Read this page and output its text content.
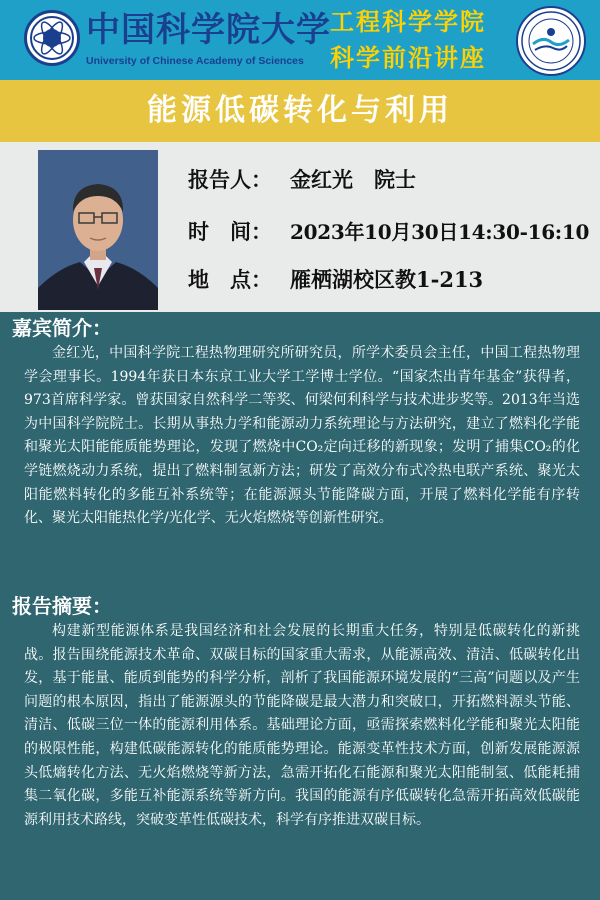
中国科学院大学
University of Chinese Academy of Sciences
工程科学学院
科学前沿讲座
能源低碳转化与利用
报告人： 金红光　院士
时　间： 2023年10月30日14:30-16:10
地　点： 雁栖湖校区教1-213
嘉宾简介：
金红光，中国科学院工程热物理研究所研究员，所学术委员会主任，中国工程热物理学会理事长。1994年获日本东京工业大学工学博士学位。“国家杰出青年基金”获得者，973首席科学家。曾获国家自然科学二等奖、何梁何利科学与技术进步奖等。2013年当选为中国科学院院士。长期从事热力学和能源动力系统理论与方法研究，建立了燃料化学能和聚光太阳能能质能势理论，发现了燃烧中CO₂定向迁移的新现象；发明了捕集CO₂的化学链燃烧动力系统，提出了燃料制氢新方法；研发了高效分布式冷热电联产系统、聚光太阳能燃料转化的多能互补系统等；在能源源头节能降碳方面，开展了燃料化学能有序转化、聚光太阳能热化学/光化学、无火焰燃烧等创新性研究。
报告摘要：
构建新型能源体系是我国经济和社会发展的长期重大任务，特别是低碳转化的新挑战。报告围绕能源技术革命、双碳目标的国家重大需求，从能源高效、清洁、低碳转化出发，基于能量、能质到能势的科学分析，剖析了我国能源环境发展的“三高”问题以及产生问题的根本原因，指出了能源源头的节能降碳是最大潜力和突破口，开拓燃料源头节能、清洁、低碳三位一体的能源利用体系。基础理论方面，亟需探索燃料化学能和聚光太阳能的极限性能，构建低碳能源转化的能质能势理论。能源变革性技术方面，创新发展能源源头低熵转化方法、无火焰燃烧等新方法，急需开拓化石能源和聚光太阳能制氢、低能耗捕集二氧化碳，多能互补能源系统等新方向。我国的能源有序低碳转化急需开拓高效低碳能源利用技术路线，突破变革性低碳技术，科学有序推进双碳目标。
